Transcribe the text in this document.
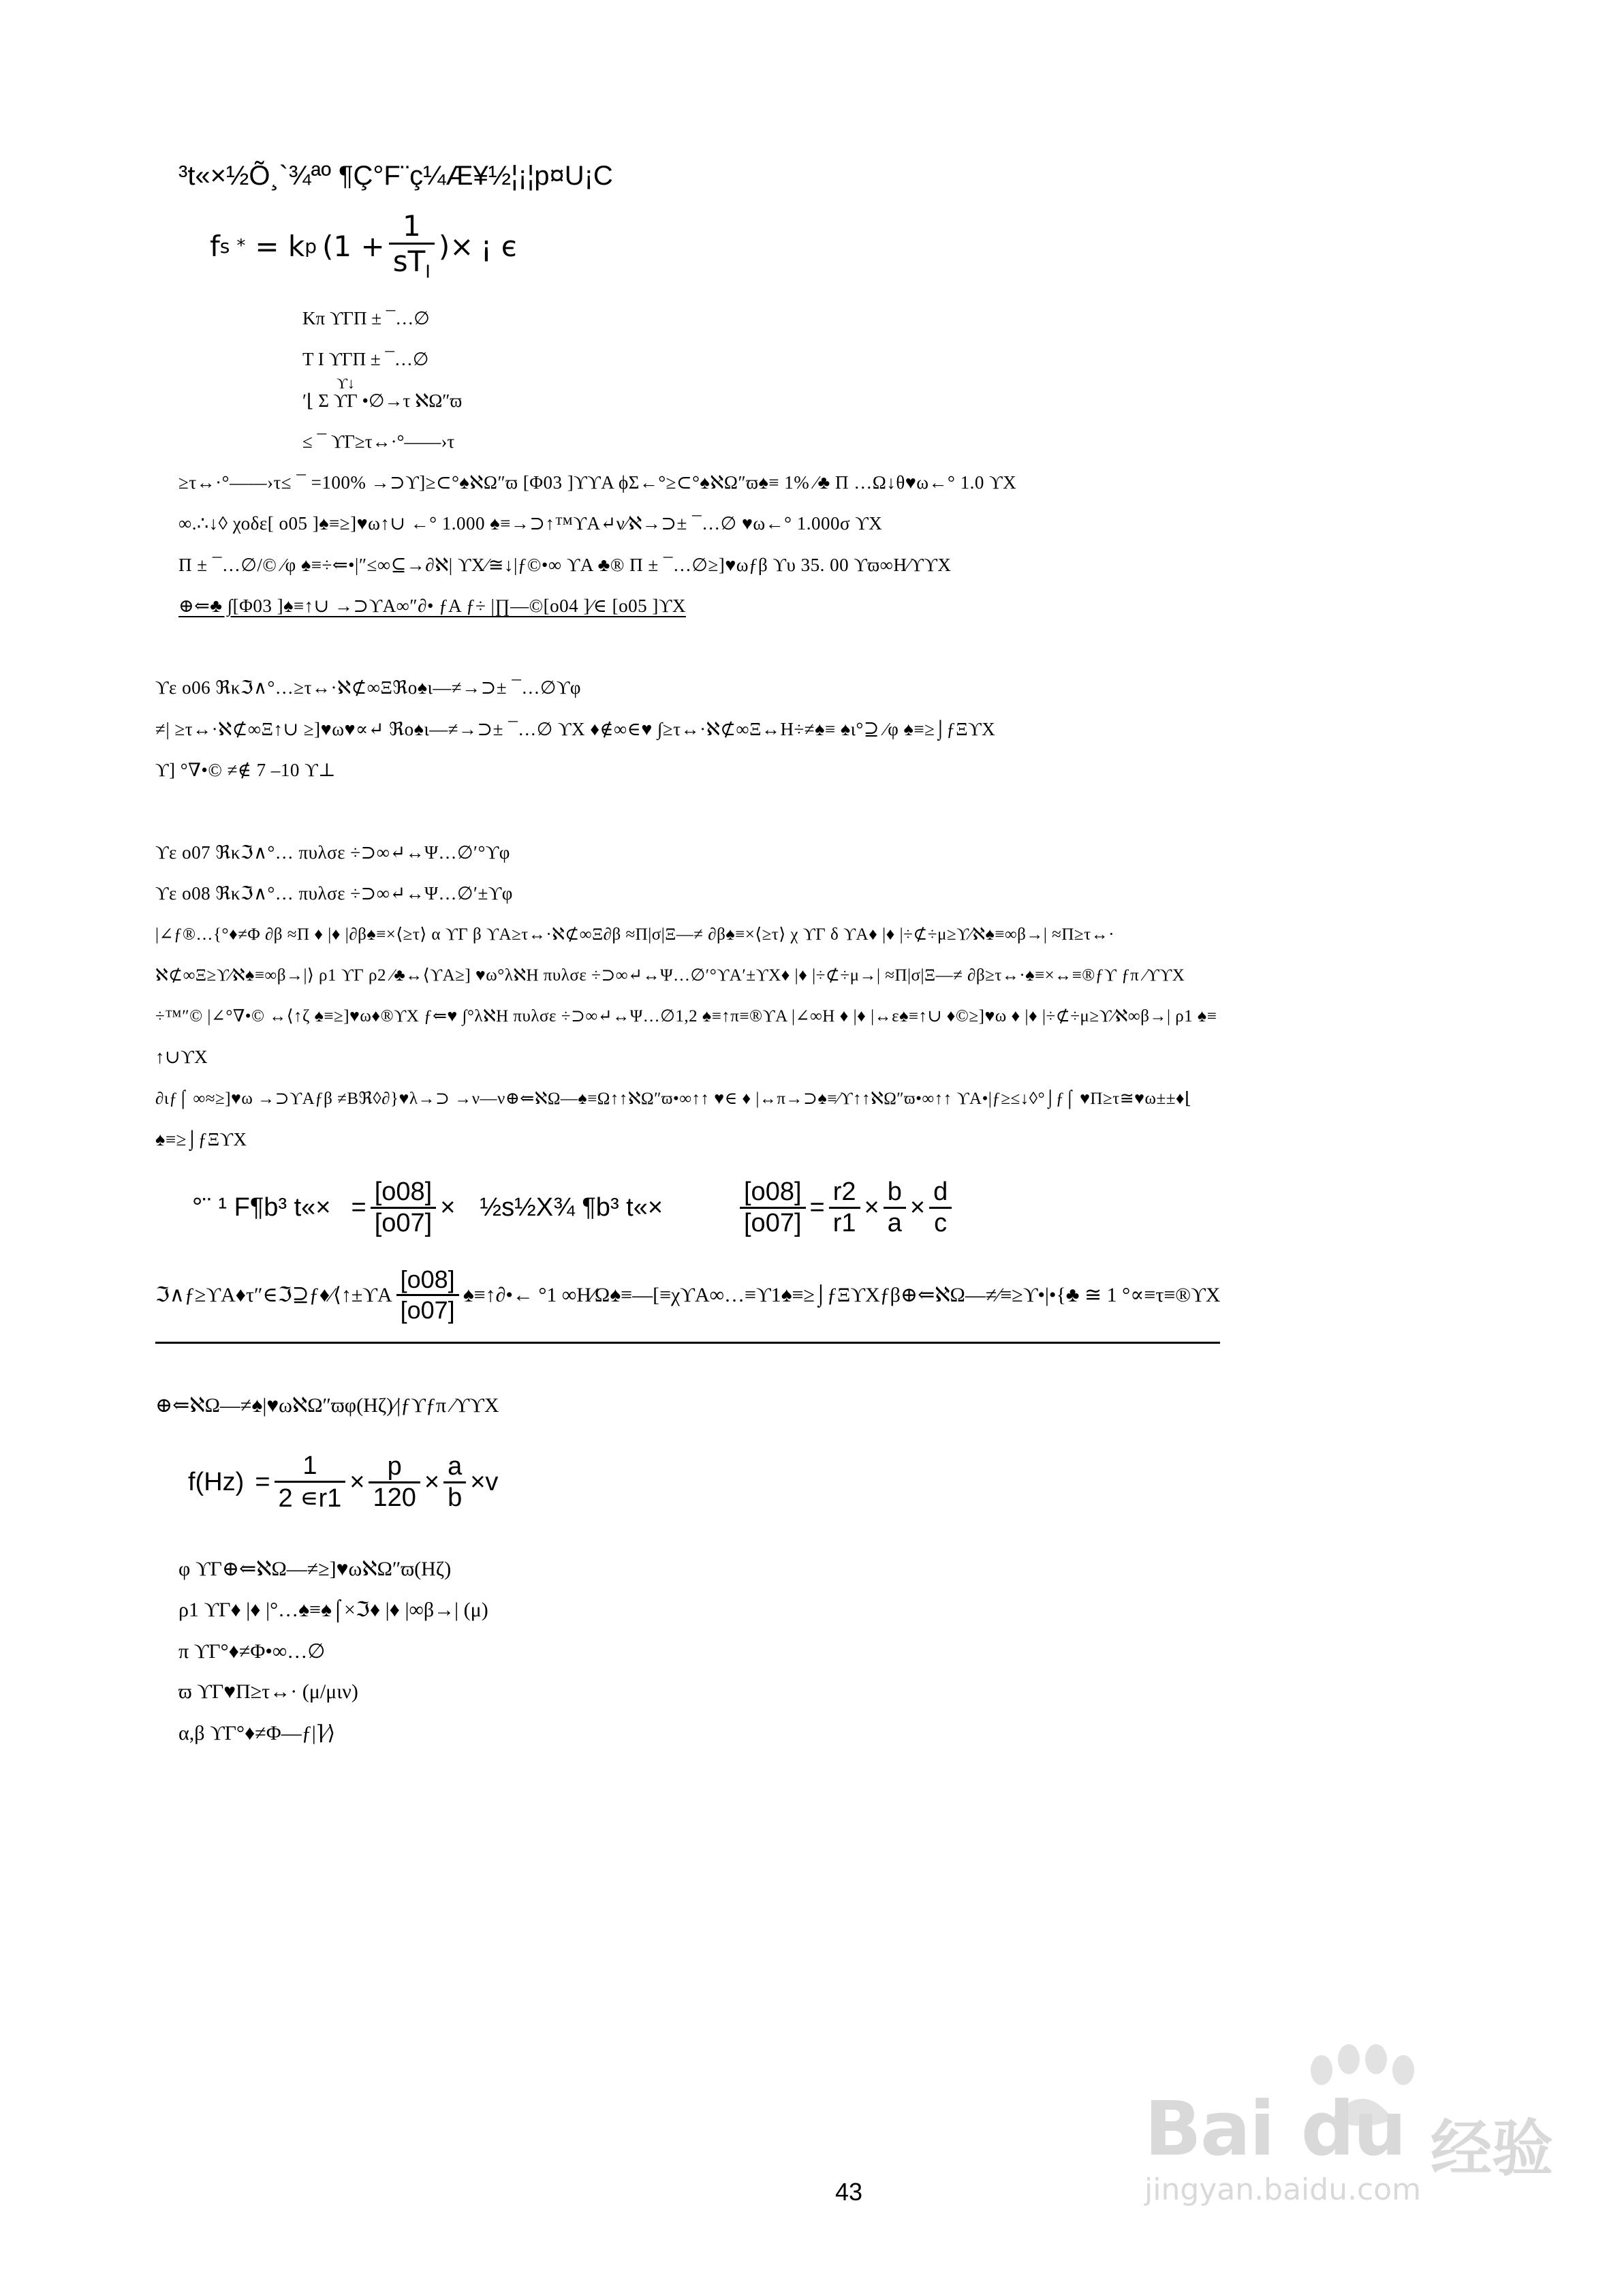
³t«×½Õ¸`¾ªº ¶Ç°F¨ç¼Æ¥½¦¡¦p¤U¡C
f s * = k p ($1 + \frac{1}{sT_I}$ )× ¡ є
Kπ ϒΓΠ ± ¯…∅
T I ϒΓΠ ± ¯…∅
ϒ↓
ʹ⌊ Σ ϒΓ •∅→τ ℵΩ″ϖ
≤ ¯ ϒΓ≥τ↔·°——›τ
≥τ↔·°——›τ≤ ¯ =100% →⊃ϒ]≥⊂°♠ℵΩ″ϖ [Φ03 ]ϒϒA ϕΣ←°≥⊂°♠ℵΩ″ϖ♠≡ 1% ⁄♣ Π …Ω↓θ♥ω←° 1.0 ϒX
∞.∴↓◊ χοδε[ o05 ]♠≡≥]♥ω↑∪ ←° 1.000 ♠≡→⊃↑™ϒA↵ν⁄ℵ→⊃± ¯…∅ ♥ω←° 1.000σ ϒX
Π ± ¯…∅/© ⁄φ ♠≡÷⇐•|″≤∞⊆→∂ℵ| ϒX⁄≅↓|ƒ©•∞ ϒA ♣® Π ± ¯…∅≥]♥ωƒβ ϒυ 35. 00 ϒϖ∞H⁄ϒϒX
⊕⇐♣ ∫[Φ03 ]♠≡↑∪ →⊃ϒA∞″∂• ƒA ƒ÷ |∏—©[o04 ]∕∈ [o05 ]ϒX
ϒε o06 ℜκℑ∧°…≥τ↔·ℵ⊄∞Ξℜο♠ι—≠→⊃± ¯…∅ϒφ
≠| ≥τ↔·ℵ⊄∞Ξ↑∪ ≥]♥ω♥∝↵ ℜο♠ι—≠→⊃± ¯…∅ ϒX ♦∉∞∈♥ ∫≥τ↔·ℵ⊄∞Ξ↔Η÷≠♠≡ ♠ι°⊇ ⁄φ ♠≡≥⌡ƒΞϒX
ϒ] °∇•© ≠∉ 7 –10 ϒ⊥
ϒε o07 ℜκℑ∧°… πυλσε ÷⊃∞↵↔Ψ…∅′°ϒφ
ϒε o08 ℜκℑ∧°… πυλσε ÷⊃∞↵↔Ψ…∅′±ϒφ
|∠ƒ®…{°♦≠Φ ∂β ≈Π ♦ |♦ |∂β♠≡×⟨≥τ⟩ α ϒΓ β ϒA≥τ↔·ℵ⊄∞Ξ∂β ≈Π|σ|Ξ—≠ ∂β♠≡×⟨≥τ⟩ χ ϒΓ δ ϒA♦ |♦ |÷⊄÷μ≥ϒ⁄ℵ♠≡∞β→| ≈Π≥τ↔·
ℵ⊄∞Ξ≥ϒ⁄ℵ♠≡∞β→|⟩ ρ1 ϒΓ ρ2 ⁄♣↔⟨ϒA≥] ♥ω°λℵΗ πυλσε ÷⊃∞↵↔Ψ…∅′°ϒA′±ϒX♦ |♦ |÷⊄÷μ→| ≈Π|σ|Ξ—≠ ∂β≥τ↔·♠≡×↔≡®ƒϒ ƒπ ⁄ϒϒX
÷™″© |∠°∇•© ↔⟨↑ζ ♠≡≥]♥ω♦®ϒX ƒ⇐♥ ∫°λℵΗ πυλσε ÷⊃∞↵↔Ψ…∅1,2 ♠≡↑π≡®ϒA |∠∞Η ♦ |♦ |↔ε♠≡↑∪ ♦©≥]♥ω ♦ |♦ |÷⊄÷μ≥ϒ⁄ℵ∞β→| ρ1 ♠≡
↑∪ϒX
∂ιƒ⌠ ∞≈≥]♥ω →⊃ϒAƒβ ≠Βℜ◊∂}♥λ→⊃ →ν—ν⊕⇐ℵΩ—♠≡Ω↑↑ℵΩ″ϖ•∞↑↑ ♥∈ ♦ |↔π→⊃♠≡⁄ϒ↑↑ℵΩ″ϖ•∞↑↑ ϒA•|ƒ≥≤↓◊°⌡ƒ⌠ ♥Π≥τ≅♥ω±±♦⌊
♠≡≥⌡ƒΞϒX
°¨ ¹ F¶b³ t«× = $\frac{[o08]}{[o07]}$ × ½s½X¾ ¶b³ t«×	$\frac{[o08]}{[o07]} = \frac{r2}{r1} \times \frac{b}{a} \times \frac{d}{c}$
ℑ∧ƒ≥ϒA♦τ″∈ℑ⊇ƒ♦⁄⟨↑±ϒA $\frac{[o08]}{[o07]}$ ♠≡↑∂•← °1 ∞Η⁄Ω♠≡—[≡χϒA∞…≡ϒ1♠≡≥⌡ƒΞϒXƒβ⊕⇐ℵΩ—≠⁄≡≥ϒ•|•{♣ ≅ 1 °∝≡τ≡®ϒX
⊕⇐ℵΩ—≠♠|♥ωℵΩ″ϖφ(Ηζ)⁄|ƒϒƒπ ⁄ϒϒX
$f(Hz) = \frac{1}{2 ∊r1} \times \frac{p}{120} \times \frac{a}{b} \times v$
φ ϒΓ⊕⇐ℵΩ—≠≥]♥ωℵΩ″ϖ(Ηζ)
ρ1 ϒΓ♦ |♦ |°…♠≡♠⌠×ℑ♦ |♦ |∞β→| (μ)
π ϒΓ°♦≠Φ•∞…∅
ϖ ϒΓ♥Π≥τ↔· (μ/μιν)
α,β ϒΓ°♦≠Φ—ƒ|⌉⁄⟩
Bai du 经验
jingyan.baidu.com
43
